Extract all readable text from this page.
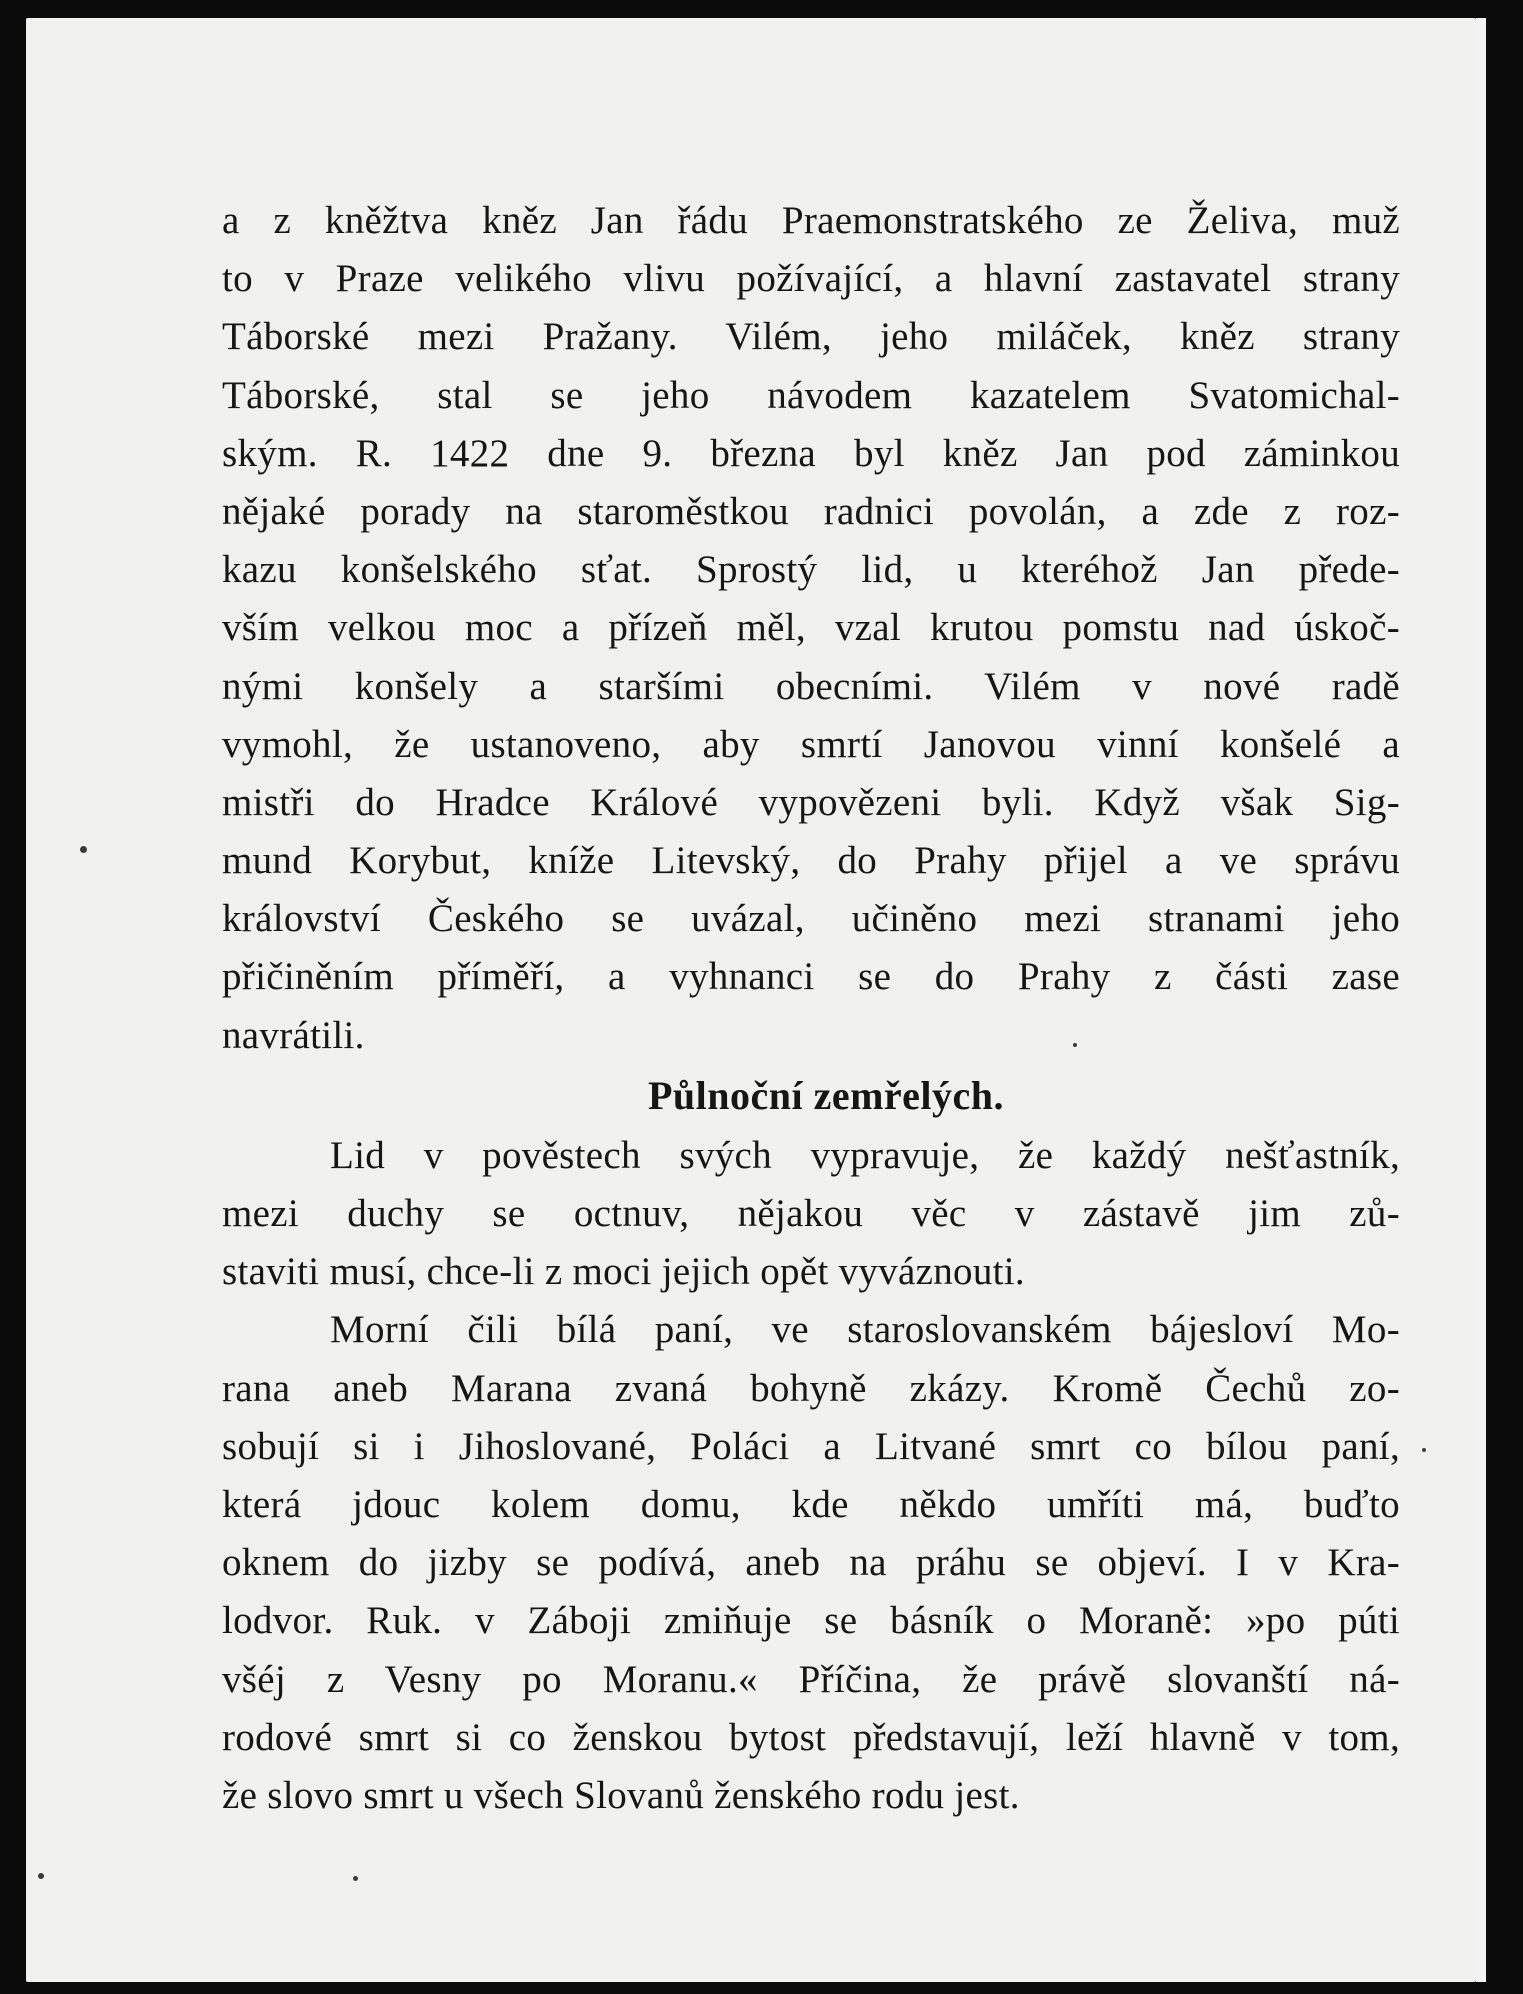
a z kněžtva kněz Jan řádu Praemonstratského ze Želiva, muž
to v Praze velikého vlivu požívající, a hlavní zastavatel strany
Táborské mezi Pražany. Vilém, jeho miláček, kněz strany
Táborské, stal se jeho návodem kazatelem Svatomichal-
ským. R. 1422 dne 9. března byl kněz Jan pod záminkou
nějaké porady na staroměstkou radnici povolán, a zde z roz-
kazu konšelského sťat. Sprostý lid, u kteréhož Jan přede-
vším velkou moc a přízeň měl, vzal krutou pomstu nad úskoč-
nými konšely a staršími obecními. Vilém v nové radě
vymohl, že ustanoveno, aby smrtí Janovou vinní konšelé a
mistři do Hradce Králové vypovězeni byli. Když však Sig-
mund Korybut, kníže Litevský, do Prahy přijel a ve správu
království Českého se uvázal, učiněno mezi stranami jeho
přičiněním příměří, a vyhnanci se do Prahy z části zase
navrátili.
Půlnoční zemřelých.
Lid v pověstech svých vypravuje, že každý nešťastník,
mezi duchy se octnuv, nějakou věc v zástavě jim zů-
staviti musí, chce-li z moci jejich opět vyváznouti.
Morní čili bílá paní, ve staroslovanském bájesloví Mo-
rana aneb Marana zvaná bohyně zkázy. Kromě Čechů zo-
sobují si i Jihoslované, Poláci a Litvané smrt co bílou paní,
která jdouc kolem domu, kde někdo umříti má, buďto
oknem do jizby se podívá, aneb na práhu se objeví. I v Kra-
lodvor. Ruk. v Záboji zmiňuje se básník o Moraně: »po púti
všéj z Vesny po Moranu.« Příčina, že právě slovanští ná-
rodové smrt si co ženskou bytost představují, leží hlavně v tom,
že slovo smrt u všech Slovanů ženského rodu jest.
